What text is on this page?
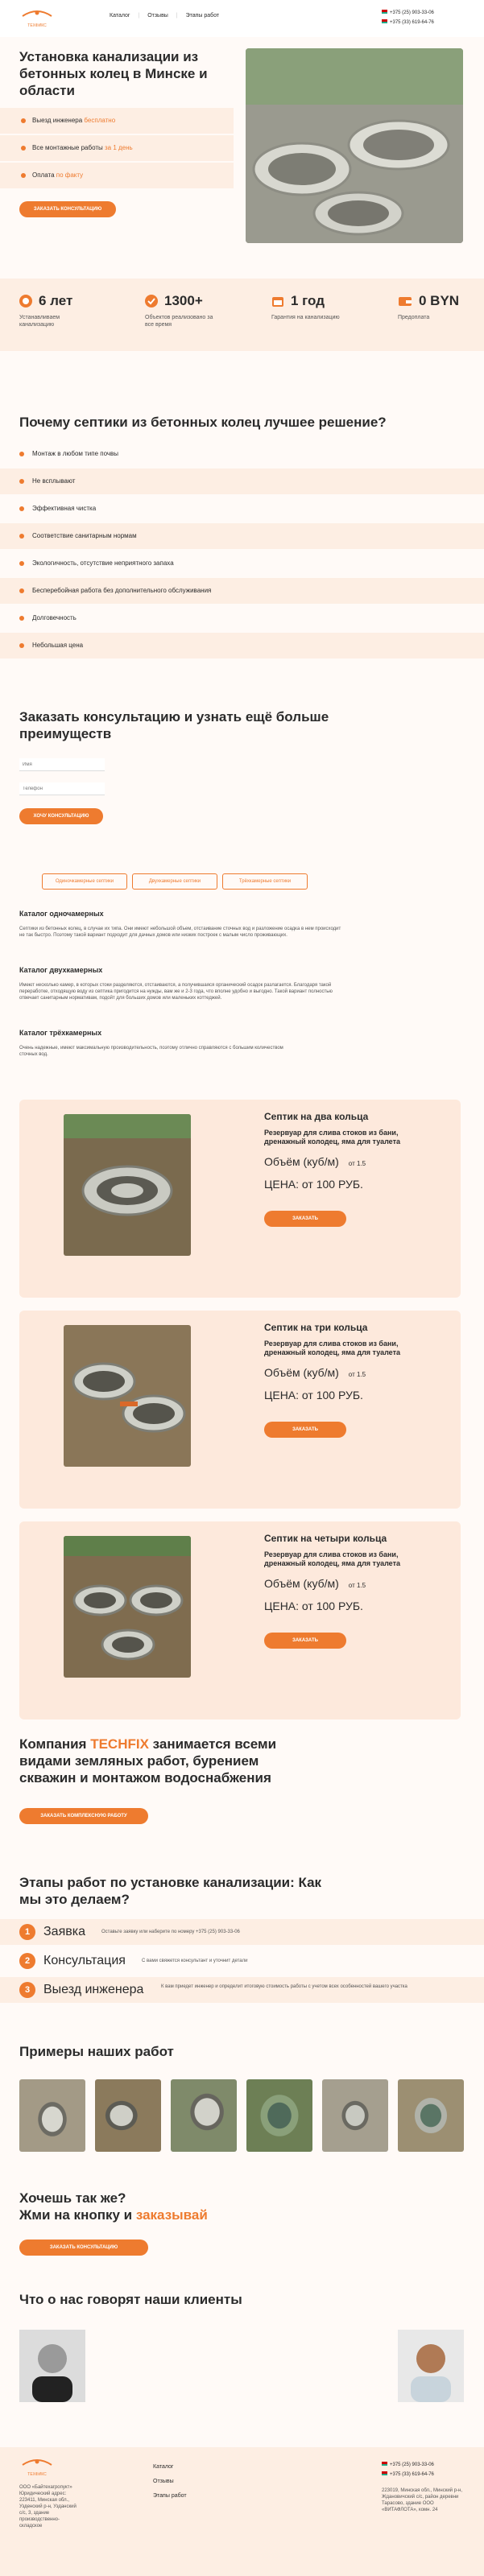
ТЕХФИКС
Каталог | Отзывы | Этапы работ	+375 (25) 903-33-06
+375 (33) 619-64-76
Установка канализации из бетонных колец в Минске и области
Выезд инженера бесплатно
Все монтажные работы за 1 день
Оплата по факту
ЗАКАЗАТЬ КОНСУЛЬТАЦИЮ
6 лет
Устанавливаем канализацию
1300+
Объектов реализовано за все время
1 год
Гарантия на канализацию
0 BYN
Предоплата
Почему септики из бетонных колец лучшее решение?
Монтаж в любом типе почвы
Не всплывают
Эффективная чистка
Соответствие санитарным нормам
Экологичность, отсутствие неприятного запаха
Бесперебойная работа без дополнительного обслуживания
Долговечность
Небольшая цена
Заказать консультацию и узнать ещё больше преимуществ
Имя
Телефон
ХОЧУ КОНСУЛЬТАЦИЮ
Одиночкамерные септики	Двухкамерные септики	Трёхкамерные септики
Каталог одночамерных
Септики из бетонных колец, в случае их типа. Они имеют небольшой объем, отстаивание сточных вод и разложение осадка в нем происходит не так быстро. Поэтому такой вариант подходит для дачных домов или низких построек с малым число проживающих.
Каталог двухкамерных
Имеют несколько камер, в которых стоки разделяются, отстаиваются, а получившаяся органический осадок разлагается. Благодаря такой переработке, отходящую воду из септика пригодится на нужды, вам же и 2-3 года, что вполне удобно и выгодно. Такой вариант полностью отвечает санитарным нормативам, подойт для больших домов или маленьких коттеджей.
Каталог трёхкамерных
Очень надежные, имеют максимальную производительность, поэтому отлично справляются с большим количеством сточных вод.
Септик на два кольца
Резервуар для слива стоков из бани, дренажный колодец, яма для туалета
Объём (куб/м) от 1.5
ЦЕНА: от 100 РУБ.
ЗАКАЗАТЬ
Септик на три кольца
Резервуар для слива стоков из бани, дренажный колодец, яма для туалета
Объём (куб/м) от 1.5
ЦЕНА: от 100 РУБ.
ЗАКАЗАТЬ
Септик на четыри кольца
Резервуар для слива стоков из бани, дренажный колодец, яма для туалета
Объём (куб/м) от 1.5
ЦЕНА: от 100 РУБ.
ЗАКАЗАТЬ
Компания TECHFIX занимается всеми видами земляных работ, бурением скважин и монтажом водоснабжения
ЗАКАЗАТЬ КОМПЛЕКСНУЮ РАБОТУ
Этапы работ по установке канализации: Как мы это делаем?
1	Заявка	Оставьте заявку или наберите по номеру +375 (25) 903-33-06
2	Консультация	С вами свяжется консультант и уточнит детали
3	Выезд инженера	К вам приедет инженер и определит итоговую стоимость работы с учетом всех особенностей вашего участка
Примеры наших работ
Хочешь так же?
Жми на кнопку и заказывай
ЗАКАЗАТЬ КОНСУЛЬТАЦИЮ
Что о нас говорят наши клиенты
ТЕХФИКС
ООО «Байтехагропукт» Юридический адрес: 223411, Минская обл., Узденский р-н, Узданский с/с, 3, здание производственно-складское
Каталог
Отзывы
Этапы работ
+375 (25) 903-33-06
+375 (33) 619-64-76
223019, Минская обл., Минский р-н, Ждановичский с/с, район деревни Тарасово, здание ООО «ВИТАФЛОТА», комн. 24
